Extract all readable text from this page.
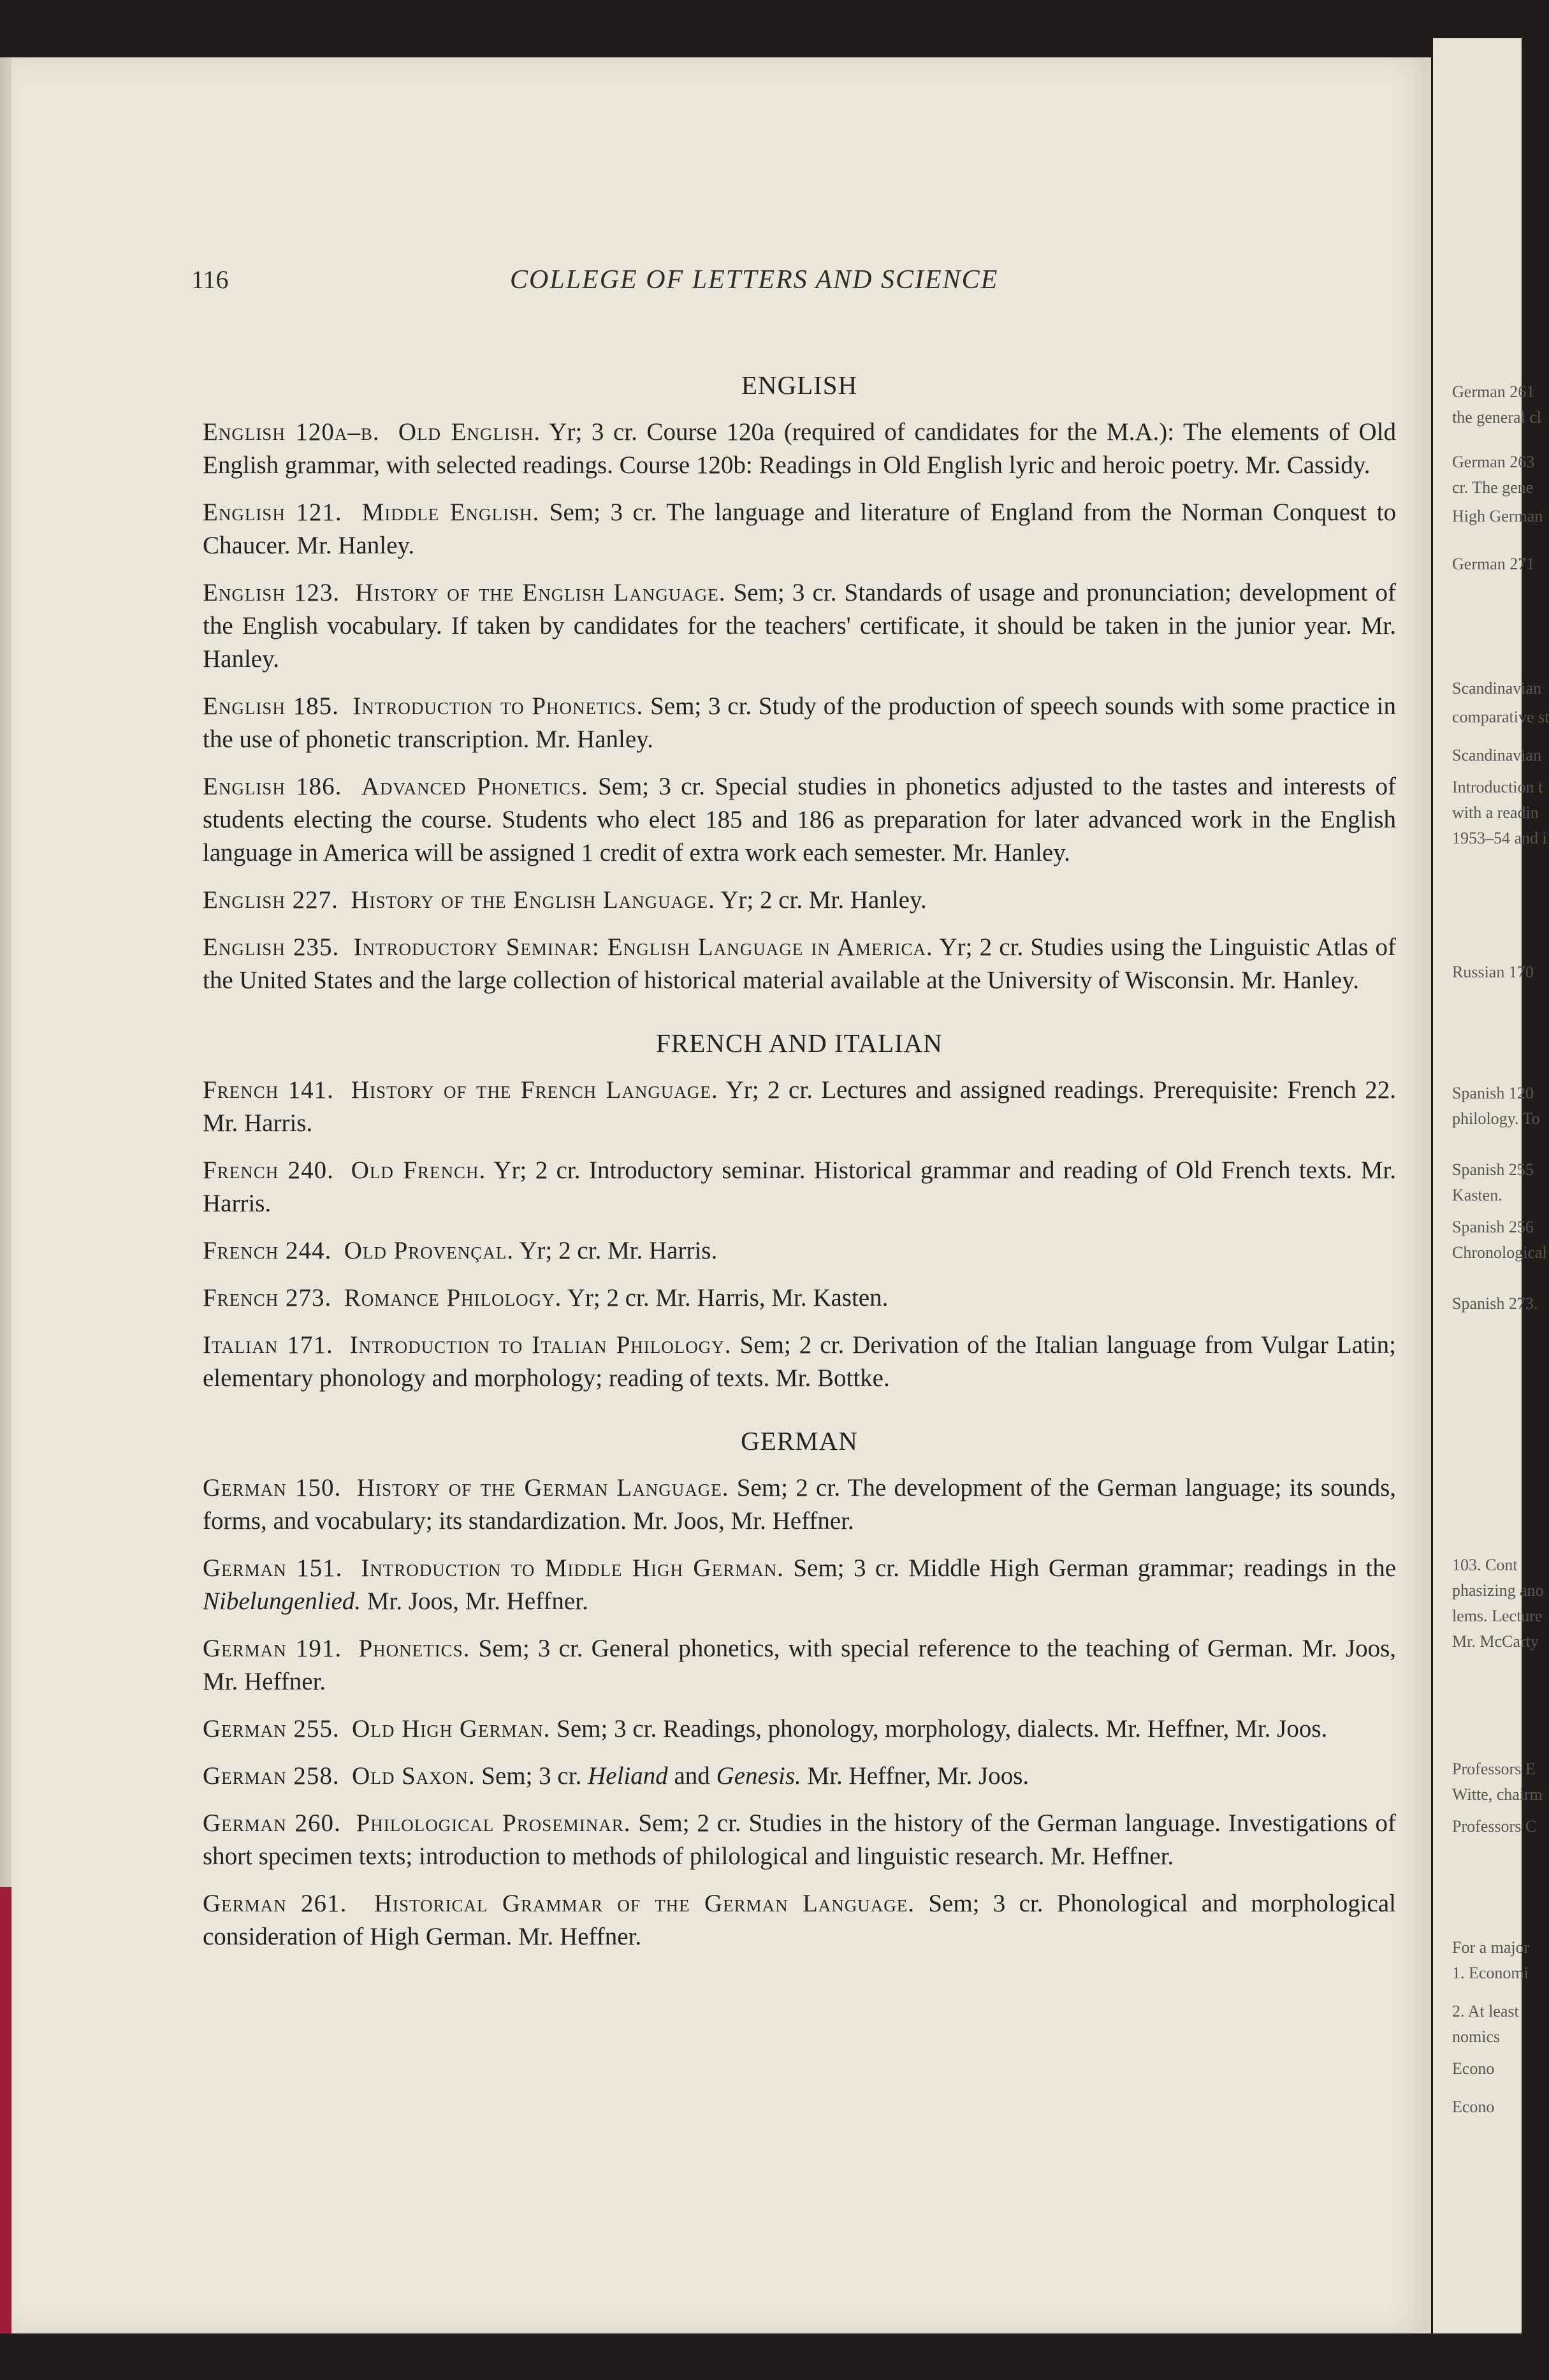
German 261
the general cl
German 263
cr. The gene
High German
German 271
Scandinavian
comparative st
Scandinavian
Introduction t
with a readin
1953–54 and i
Russian 170
Spanish 120
philology. To
Spanish 255
Kasten.
Spanish 256
Chronological
Spanish 273.
103. Cont
phasizing ano
lems. Lecture
Mr. McCarty
Professors E
Witte, chairm
Professors C
For a major
1. Economi
2. At least
nomics
Econo
Econo
116	COLLEGE OF LETTERS AND SCIENCE
ENGLISH

English 120a–b. Old English. Yr; 3 cr. Course 120a (required of candidates for the M.A.): The elements of Old English grammar, with selected readings. Course 120b: Readings in Old English lyric and heroic poetry. Mr. Cassidy.

English 121. Middle English. Sem; 3 cr. The language and literature of England from the Norman Conquest to Chaucer. Mr. Hanley.

English 123. History of the English Language. Sem; 3 cr. Standards of usage and pronunciation; development of the English vocabulary. If taken by candidates for the teachers' certificate, it should be taken in the junior year. Mr. Hanley.

English 185. Introduction to Phonetics. Sem; 3 cr. Study of the production of speech sounds with some practice in the use of phonetic transcription. Mr. Hanley.

English 186. Advanced Phonetics. Sem; 3 cr. Special studies in phonetics adjusted to the tastes and interests of students electing the course. Students who elect 185 and 186 as preparation for later advanced work in the English language in America will be assigned 1 credit of extra work each semester. Mr. Hanley.

English 227. History of the English Language. Yr; 2 cr. Mr. Hanley.

English 235. Introductory Seminar: English Language in America. Yr; 2 cr. Studies using the Linguistic Atlas of the United States and the large collection of historical material available at the University of Wisconsin. Mr. Hanley.

FRENCH AND ITALIAN

French 141. History of the French Language. Yr; 2 cr. Lectures and assigned readings. Prerequisite: French 22. Mr. Harris.

French 240. Old French. Yr; 2 cr. Introductory seminar. Historical grammar and reading of Old French texts. Mr. Harris.

French 244. Old Provençal. Yr; 2 cr. Mr. Harris.

French 273. Romance Philology. Yr; 2 cr. Mr. Harris, Mr. Kasten.

Italian 171. Introduction to Italian Philology. Sem; 2 cr. Derivation of the Italian language from Vulgar Latin; elementary phonology and morphology; reading of texts. Mr. Bottke.

GERMAN

German 150. History of the German Language. Sem; 2 cr. The development of the German language; its sounds, forms, and vocabulary; its standardization. Mr. Joos, Mr. Heffner.

German 151. Introduction to Middle High German. Sem; 3 cr. Middle High German grammar; readings in the Nibelungenlied. Mr. Joos, Mr. Heffner.

German 191. Phonetics. Sem; 3 cr. General phonetics, with special reference to the teaching of German. Mr. Joos, Mr. Heffner.

German 255. Old High German. Sem; 3 cr. Readings, phonology, morphology, dialects. Mr. Heffner, Mr. Joos.

German 258. Old Saxon. Sem; 3 cr. Heliand and Genesis. Mr. Heffner, Mr. Joos.

German 260. Philological Proseminar. Sem; 2 cr. Studies in the history of the German language. Investigations of short specimen texts; introduction to methods of philological and linguistic research. Mr. Heffner.

German 261. Historical Grammar of the German Language. Sem; 3 cr. Phonological and morphological consideration of High German. Mr. Heffner.
